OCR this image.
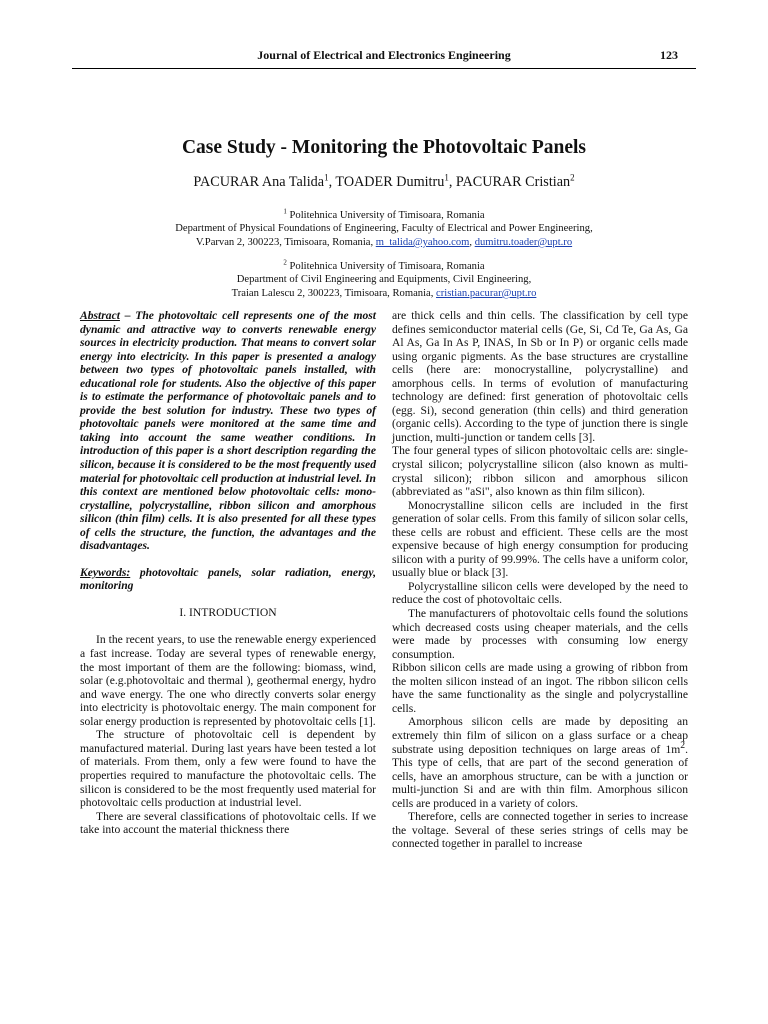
Journal of Electrical and Electronics Engineering	123
Case Study - Monitoring the Photovoltaic Panels
PACURAR Ana Talida$^1$, TOADER Dumitru$^1$, PACURAR Cristian$^2$
$^1$ Politehnica University of Timisoara, Romania
Department of Physical Foundations of Engineering, Faculty of Electrical and Power Engineering,
V.Parvan 2, 300223, Timisoara, Romania, m_talida@yahoo.com, dumitru.toader@upt.ro
$^2$ Politehnica University of Timisoara, Romania
Department of Civil Engineering and Equipments, Civil Engineering,
Traian Lalescu 2, 300223, Timisoara, Romania, cristian.pacurar@upt.ro

Abstract – The photovoltaic cell represents one of the most dynamic and attractive way to converts renewable energy sources in electricity production. That means to convert solar energy into electricity. In this paper is presented a analogy between two types of photovoltaic panels installed, with educational role for students. Also the objective of this paper is to estimate the performance of photovoltaic panels and to provide the best solution for industry. These two types of photovoltaic panels were monitored at the same time and taking into account the same weather conditions. In introduction of this paper is a short description regarding the silicon, because it is considered to be the most frequently used material for photovoltaic cell production at industrial level. In this context are mentioned below photovoltaic cells: mono-crystalline, polycrystalline, ribbon silicon and amorphous silicon (thin film) cells. It is also presented for all these types of cells the structure, the function, the advantages and the disadvantages.

Keywords: photovoltaic panels, solar radiation, energy, monitoring

I. INTRODUCTION

In the recent years, to use the renewable energy experienced a fast increase. Today are several types of renewable energy, the most important of them are the following: biomass, wind, solar (e.g.photovoltaic and thermal ), geothermal energy, hydro and wave energy. The one who directly converts solar energy into electricity is photovoltaic energy. The main component for solar energy production is represented by photovoltaic cells [1].

The structure of photovoltaic cell is dependent by manufactured material. During last years have been tested a lot of materials. From them, only a few were found to have the properties required to manufacture the photovoltaic cells. The silicon is considered to be the most frequently used material for photovoltaic cells production at industrial level.

There are several classifications of photovoltaic cells. If we take into account the material thickness there

are thick cells and thin cells. The classification by cell type defines semiconductor material cells (Ge, Si, Cd Te, Ga As, Ga Al As, Ga In As P, INAS, In Sb or In P) or organic cells made using organic pigments. As the base structures are crystalline cells (here are: monocrystalline, polycrystalline) and amorphous cells. In terms of evolution of manufacturing technology are defined: first generation of photovoltaic cells (egg. Si), second generation (thin cells) and third generation (organic cells). According to the type of junction there is single junction, multi-junction or tandem cells [3].

The four general types of silicon photovoltaic cells are: single-crystal silicon; polycrystalline silicon (also known as multi-crystal silicon); ribbon silicon and amorphous silicon (abbreviated as "aSi", also known as thin film silicon).

Monocrystalline silicon cells are included in the first generation of solar cells. From this family of silicon solar cells, these cells are robust and efficient. These cells are the most expensive because of high energy consumption for producing silicon with a purity of 99.99%. The cells have a uniform color, usually blue or black [3].

Polycrystalline silicon cells were developed by the need to reduce the cost of photovoltaic cells.

The manufacturers of photovoltaic cells found the solutions which decreased costs using cheaper materials, and the cells were made by processes with consuming low energy consumption.

Ribbon silicon cells are made using a growing of ribbon from the molten silicon instead of an ingot. The ribbon silicon cells have the same functionality as the single and polycrystalline cells.

Amorphous silicon cells are made by depositing an extremely thin film of silicon on a glass surface or a cheap substrate using deposition techniques on large areas of $1m^2$. This type of cells, that are part of the second generation of cells, have an amorphous structure, can be with a junction or multi-junction Si and are with thin film. Amorphous silicon cells are produced in a variety of colors.

Therefore, cells are connected together in series to increase the voltage. Several of these series strings of cells may be connected together in parallel to increase
